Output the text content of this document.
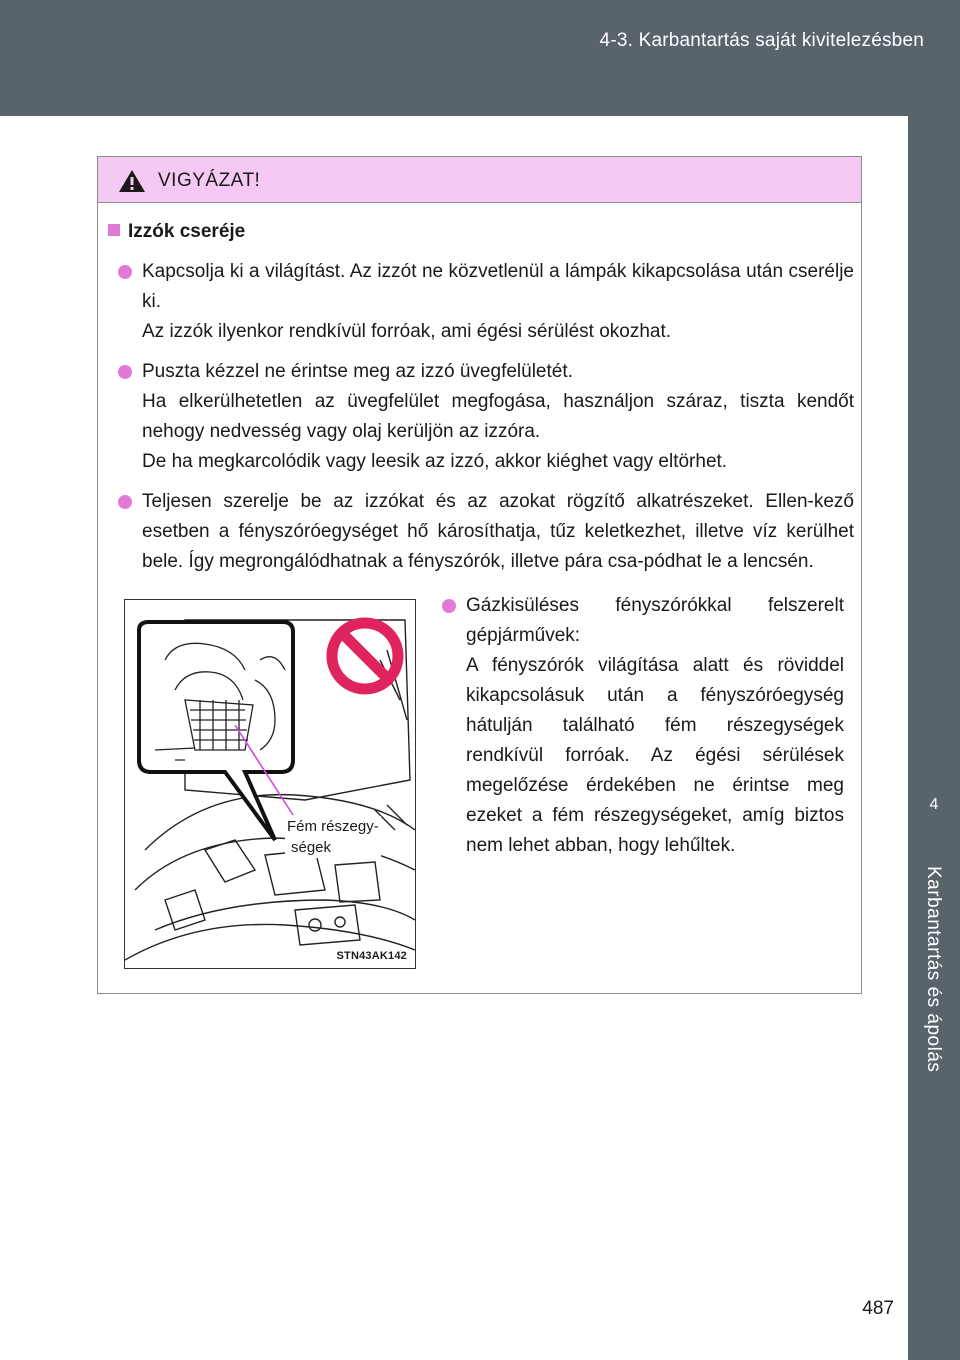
4-3. Karbantartás saját kivitelezésben
4
Karbantartás és ápolás
VIGYÁZAT!
Izzók cseréje

Kapcsolja ki a világítást. Az izzót ne közvetlenül a lámpák kikapcsolása után cserélje ki.

Az izzók ilyenkor rendkívül forróak, ami égési sérülést okozhat.

Puszta kézzel ne érintse meg az izzó üvegfelületét.

Ha elkerülhetetlen az üvegfelület megfogása, használjon száraz, tiszta kendőt nehogy nedvesség vagy olaj kerüljön az izzóra.

De ha megkarcolódik vagy leesik az izzó, akkor kiéghet vagy eltörhet.

Teljesen szerelje be az izzókat és az azokat rögzítő alkatrészeket. Ellen-kező esetben a fényszóróegységet hő károsíthatja, tűz keletkezhet, illetve víz kerülhet bele. Így megrongálódhatnak a fényszórók, illetve pára csa-pódhat le a lencsén.

Fém részegy-
ségek
STN43AK142

Gázkisüléses fényszórókkal felszerelt gépjárművek:

A fényszórók világítása alatt és röviddel kikapcsolásuk után a fényszóróegység hátulján található fém részegységek rendkívül forróak. Az égési sérülések megelőzése érdekében ne érintse meg ezeket a fém részegységeket, amíg biztos nem lehet abban, hogy lehűltek.

487
